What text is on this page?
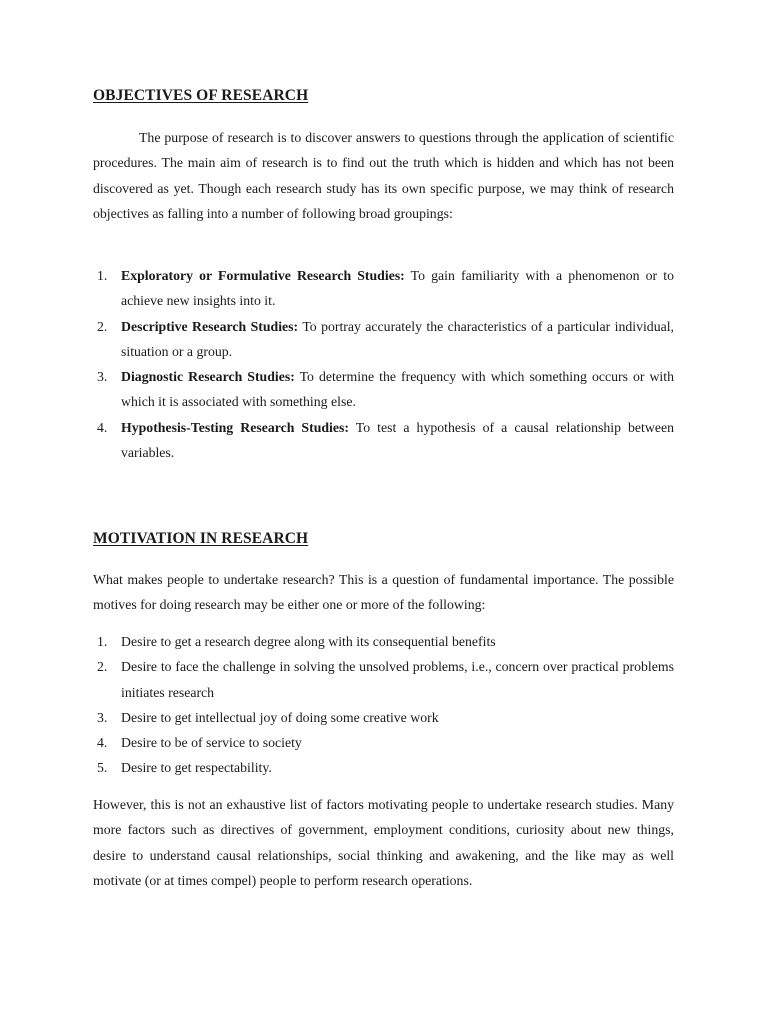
OBJECTIVES OF RESEARCH

The purpose of research is to discover answers to questions through the application of scientific procedures. The main aim of research is to find out the truth which is hidden and which has not been discovered as yet. Though each research study has its own specific purpose, we may think of research objectives as falling into a number of following broad groupings:

1. Exploratory or Formulative Research Studies: To gain familiarity with a phenomenon or to achieve new insights into it.
2. Descriptive Research Studies: To portray accurately the characteristics of a particular individual, situation or a group.
3. Diagnostic Research Studies: To determine the frequency with which something occurs or with which it is associated with something else.
4. Hypothesis-Testing Research Studies: To test a hypothesis of a causal relationship between variables.
MOTIVATION IN RESEARCH

What makes people to undertake research? This is a question of fundamental importance. The possible motives for doing research may be either one or more of the following:

1. Desire to get a research degree along with its consequential benefits
2. Desire to face the challenge in solving the unsolved problems, i.e., concern over practical problems initiates research
3. Desire to get intellectual joy of doing some creative work
4. Desire to be of service to society
5. Desire to get respectability.

However, this is not an exhaustive list of factors motivating people to undertake research studies. Many more factors such as directives of government, employment conditions, curiosity about new things, desire to understand causal relationships, social thinking and awakening, and the like may as well motivate (or at times compel) people to perform research operations.
